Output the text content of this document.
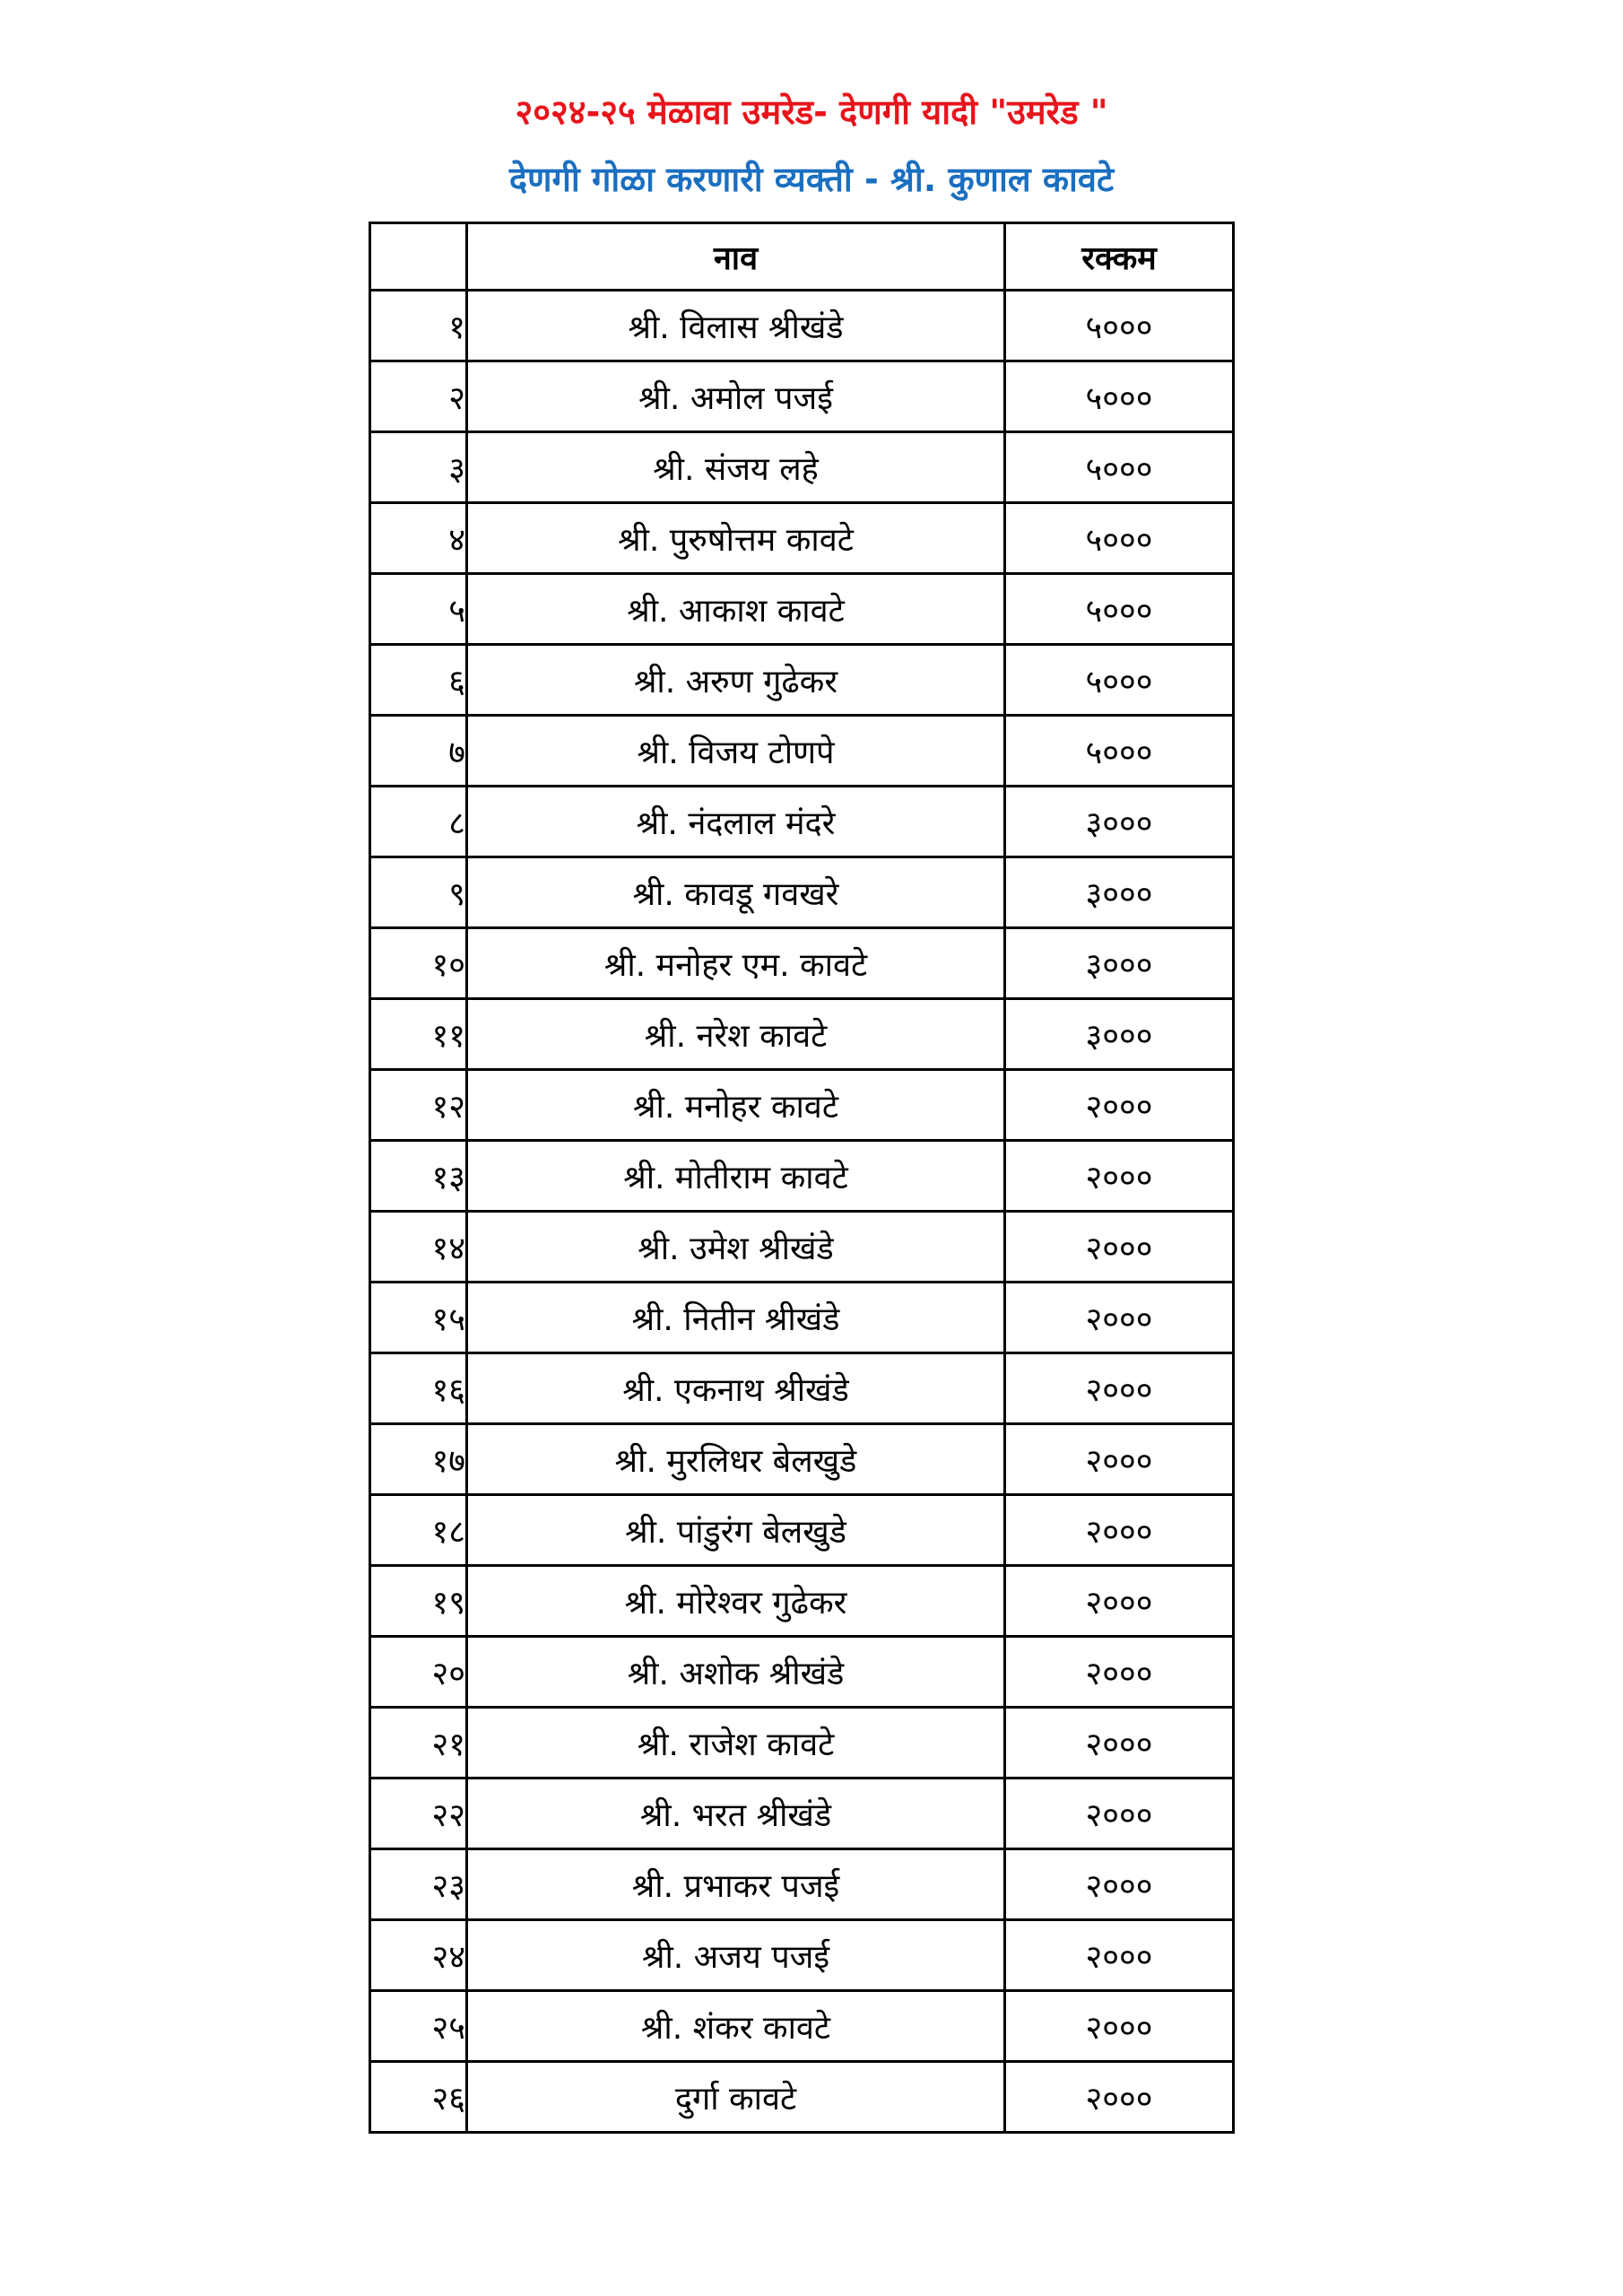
२०२४-२५ मेळावा उमरेड- देणगी यादी "उमरेड "
देणगी गोळा करणारी व्यक्ती - श्री. कुणाल कावटे
	नाव	रक्कम
१	श्री. विलास श्रीखंडे	५०००
२	श्री. अमोल पजई	५०००
३	श्री. संजय लहे	५०००
४	श्री. पुरुषोत्तम कावटे	५०००
५	श्री. आकाश कावटे	५०००
६	श्री. अरुण गुढेकर	५०००
७	श्री. विजय टोणपे	५०००
८	श्री. नंदलाल मंदरे	३०००
९	श्री. कावडू गवखरे	३०००
१०	श्री. मनोहर एम. कावटे	३०००
११	श्री. नरेश कावटे	३०००
१२	श्री. मनोहर कावटे	२०००
१३	श्री. मोतीराम कावटे	२०००
१४	श्री. उमेश श्रीखंडे	२०००
१५	श्री. नितीन श्रीखंडे	२०००
१६	श्री. एकनाथ श्रीखंडे	२०००
१७	श्री. मुरलिधर बेलखुडे	२०००
१८	श्री. पांडुरंग बेलखुडे	२०००
१९	श्री. मोरेश्वर गुढेकर	२०००
२०	श्री. अशोक श्रीखंडे	२०००
२१	श्री. राजेश कावटे	२०००
२२	श्री. भरत श्रीखंडे	२०००
२३	श्री. प्रभाकर पजई	२०००
२४	श्री. अजय पजई	२०००
२५	श्री. शंकर कावटे	२०००
२६	दुर्गा कावटे	२०००
